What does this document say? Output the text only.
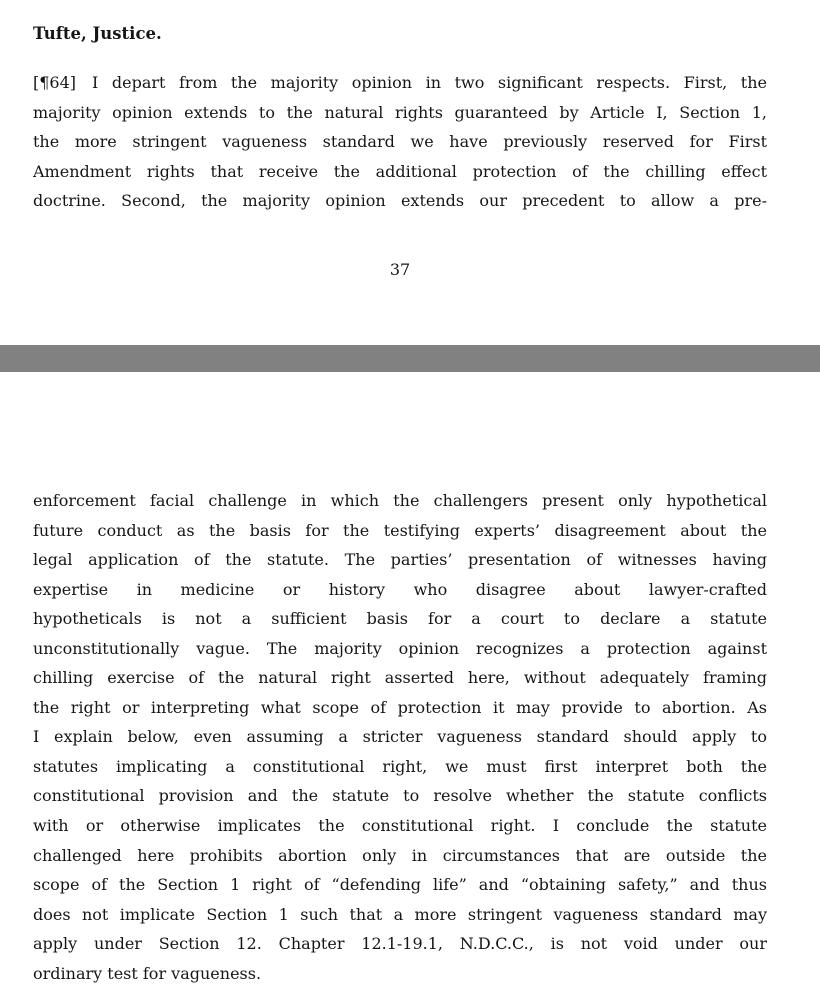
Tufte, Justice.
[¶64] I depart from the majority opinion in two significant respects. First, the
majority opinion extends to the natural rights guaranteed by Article I, Section 1,
the more stringent vagueness standard we have previously reserved for First
Amendment rights that receive the additional protection of the chilling effect
doctrine. Second, the majority opinion extends our precedent to allow a pre-
37
enforcement facial challenge in which the challengers present only hypothetical
future conduct as the basis for the testifying experts’ disagreement about the
legal application of the statute. The parties’ presentation of witnesses having
expertise in medicine or history who disagree about lawyer-crafted
hypotheticals is not a sufficient basis for a court to declare a statute
unconstitutionally vague. The majority opinion recognizes a protection against
chilling exercise of the natural right asserted here, without adequately framing
the right or interpreting what scope of protection it may provide to abortion. As
I explain below, even assuming a stricter vagueness standard should apply to
statutes implicating a constitutional right, we must first interpret both the
constitutional provision and the statute to resolve whether the statute conflicts
with or otherwise implicates the constitutional right. I conclude the statute
challenged here prohibits abortion only in circumstances that are outside the
scope of the Section 1 right of “defending life” and “obtaining safety,” and thus
does not implicate Section 1 such that a more stringent vagueness standard may
apply under Section 12. Chapter 12.1-19.1, N.D.C.C., is not void under our
ordinary test for vagueness.
